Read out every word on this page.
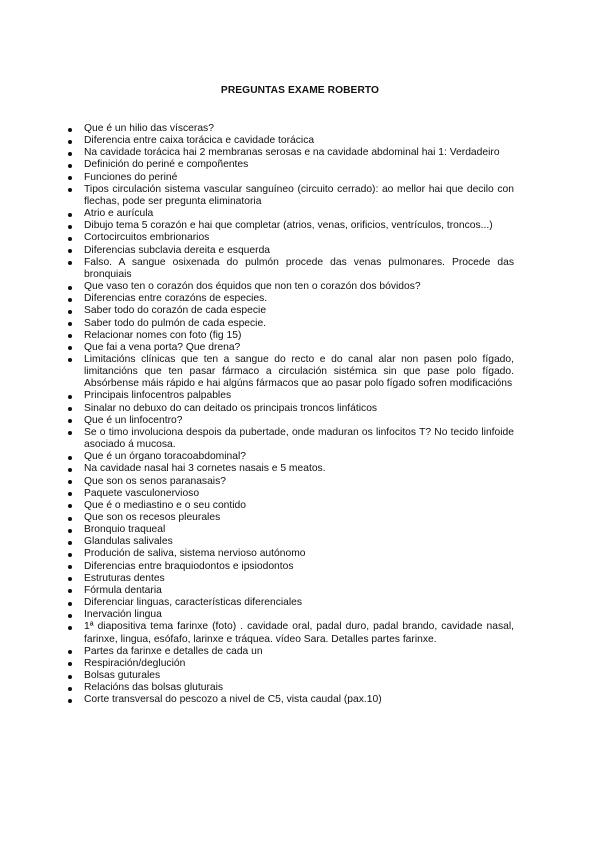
PREGUNTAS EXAME ROBERTO
Que é un hilio das vísceras?
Diferencia entre caixa torácica e cavidade torácica
Na cavidade torácica hai 2 membranas serosas e na cavidade abdominal hai 1: Verdadeiro
Definición do periné e compoñentes
Funciones do periné
Tipos circulación sistema vascular sanguíneo (circuito cerrado): ao mellor hai que decilo con flechas, pode ser pregunta eliminatoria
Atrio e aurícula
Dibujo tema 5 corazón e hai que completar (atrios, venas, orificios, ventrículos, troncos...)
Cortocircuitos embrionarios
Diferencias subclavia dereita e esquerda
Falso. A sangue osixenada do pulmón procede das venas pulmonares. Procede das bronquiais
Que vaso ten o corazón dos équidos que non ten o corazón dos bóvidos?
Diferencias entre corazóns de especies.
Saber todo do corazón de cada especie
Saber todo do pulmón de cada especie.
Relacionar nomes con foto (fig 15)
Que fai a vena porta? Que drena?
Limitacións clínicas que ten a sangue do recto e do canal alar non pasen polo fígado, limitancións que ten pasar fármaco a circulación sistémica sin que pase polo fígado. Absórbense máis rápido e hai algúns fármacos que ao pasar polo fígado sofren modificacións
Principais linfocentros palpables
Sinalar no debuxo do can deitado os principais troncos linfáticos
Que é un linfocentro?
Se o timo involuciona despois da pubertade, onde maduran os linfocitos T? No tecido linfoide asociado á mucosa.
Que é un órgano toracoabdominal?
Na cavidade nasal hai 3 cornetes nasais e 5 meatos.
Que son os senos paranasais?
Paquete vasculonervioso
Que é o mediastino e o seu contido
Que son os recesos pleurales
Bronquio traqueal
Glandulas salivales
Produción de saliva, sistema nervioso autónomo
Diferencias entre braquiodontos e ipsiodontos
Estruturas dentes
Fórmula dentaria
Diferenciar linguas, características diferenciales
Inervación lingua
1ª diapositiva tema farinxe (foto) . cavidade oral, padal duro, padal brando, cavidade nasal, farinxe, lingua, esófafo, larinxe e tráquea. vídeo Sara. Detalles partes farinxe.
Partes da farinxe e detalles de cada un
Respiración/deglución
Bolsas guturales
Relacións das bolsas gluturais
Corte transversal do pescozo a nivel de C5, vista caudal (pax.10)
